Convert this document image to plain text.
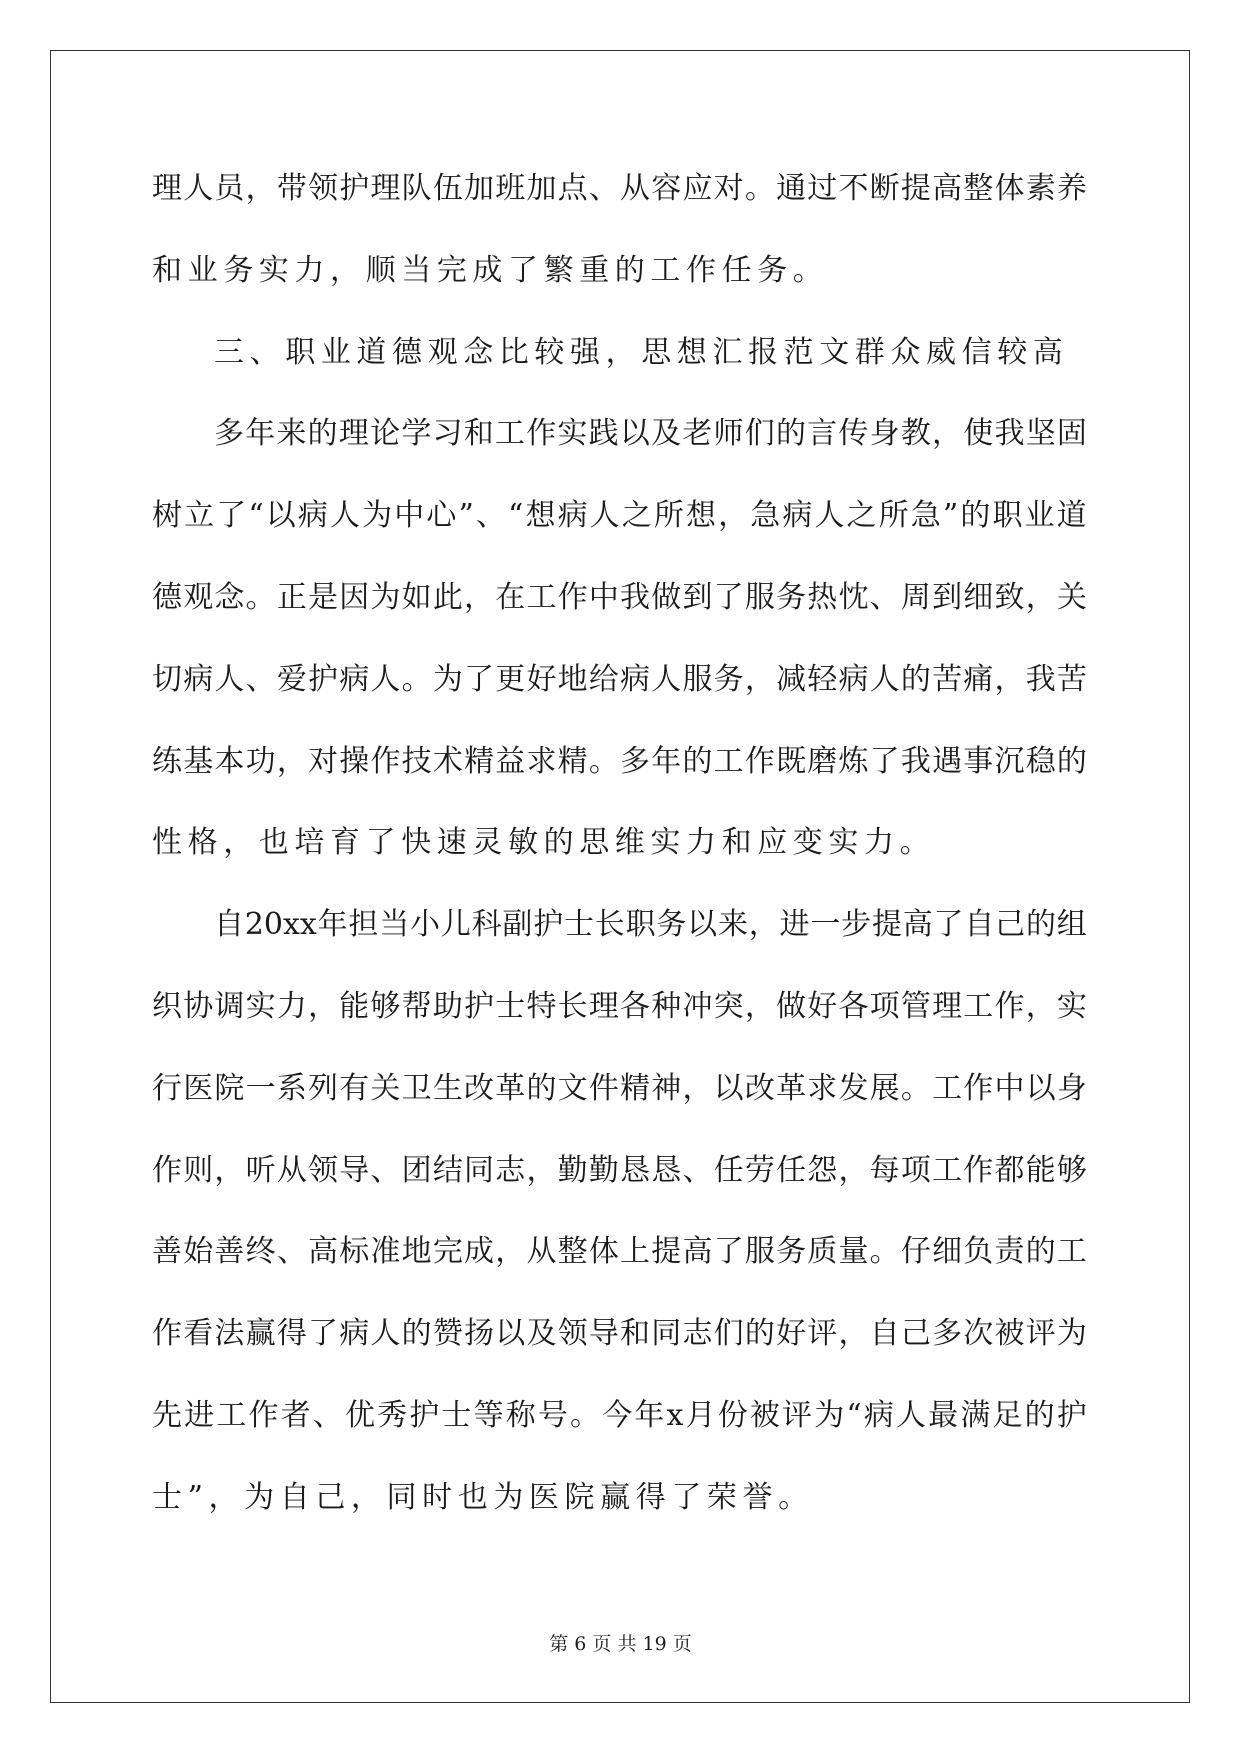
理 人 员 ， 带 领 护 理 队 伍 加 班 加 点 、 从 容 应 对 。 通 过 不 断 提 高 整 体 素 养
和业务实力，顺当完成了繁重的工作任务。
三、职业道德观念比较强，思想汇报范文群众威信较高
多 年 来 的 理 论 学 习 和 工 作 实 践 以 及 老 师 们 的 言 传 身 教 ， 使 我 坚 固
树 立 了 “ 以 病 人 为 中 心 ” 、 “ 想 病 人 之 所 想 ， 急 病 人 之 所 急 ” 的 职 业 道
德 观 念 。 正 是 因 为 如 此 ， 在 工 作 中 我 做 到 了 服 务 热 忱 、 周 到 细 致 ， 关
切 病 人 、 爱 护 病 人 。 为 了 更 好 地 给 病 人 服 务 ， 减 轻 病 人 的 苦 痛 ， 我 苦
练 基 本 功 ， 对 操 作 技 术 精 益 求 精 。 多 年 的 工 作 既 磨 炼 了 我 遇 事 沉 稳 的
性格，也培育了快速灵敏的思维实力和应变实力。
自 20xx 年 担 当 小 儿 科 副 护 士 长 职 务 以 来 ， 进 一 步 提 高 了 自 己 的 组
织 协 调 实 力 ， 能 够 帮 助 护 士 特 长 理 各 种 冲 突 ， 做 好 各 项 管 理 工 作 ， 实
行 医 院 一 系 列 有 关 卫 生 改 革 的 文 件 精 神 ， 以 改 革 求 发 展 。 工 作 中 以 身
作 则 ， 听 从 领 导 、 团 结 同 志 ， 勤 勤 恳 恳 、 任 劳 任 怨 ， 每 项 工 作 都 能 够
善 始 善 终 、 高 标 准 地 完 成 ， 从 整 体 上 提 高 了 服 务 质 量 。 仔 细 负 责 的 工
作 看 法 赢 得 了 病 人 的 赞 扬 以 及 领 导 和 同 志 们 的 好 评 ， 自 己 多 次 被 评 为
先 进 工 作 者 、 优 秀 护 士 等 称 号 。 今 年 x 月 份 被 评 为 “ 病 人 最 满 足 的 护
士”，为自己，同时也为医院赢得了荣誉。
第 6 页 共 19 页
